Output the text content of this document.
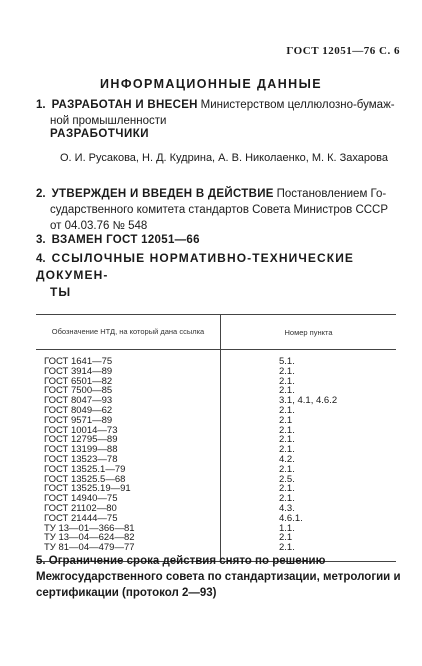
ГОСТ 12051—76 С. 6
ИНФОРМАЦИОННЫЕ ДАННЫЕ
1. РАЗРАБОТАН И ВНЕСЕН Министерством целлюлозно-бумаж-
ной промышленности
РАЗРАБОТЧИКИ
О. И. Русакова, Н. Д. Кудрина, А. В. Николаенко, М. К. Захарова
2. УТВЕРЖДЕН И ВВЕДЕН В ДЕЙСТВИЕ Постановлением Го-
сударственного комитета стандартов Совета Министров СССР
от 04.03.76 № 548
3. ВЗАМЕН ГОСТ 12051—66
4. ССЫЛОЧНЫЕ НОРМАТИВНО-ТЕХНИЧЕСКИЕ ДОКУМЕН-
ТЫ
Обозначение НТД, на который дана ссылка	Номер пункта
ГОСТ 1641—75	5.1.
ГОСТ 3914—89	2.1.
ГОСТ 6501—82	2.1.
ГОСТ 7500—85	2.1.
ГОСТ 8047—93	3.1, 4.1, 4.6.2
ГОСТ 8049—62	2.1.
ГОСТ 9571—89	2.1
ГОСТ 10014—73	2.1.
ГОСТ 12795—89	2.1.
ГОСТ 13199—88	2.1.
ГОСТ 13523—78	4.2.
ГОСТ 13525.1—79	2.1.
ГОСТ 13525.5—68	2.5.
ГОСТ 13525.19—91	2.1.
ГОСТ 14940—75	2.1.
ГОСТ 21102—80	4.3.
ГОСТ 21444—75	4.6.1.
ТУ 13—01—366—81	1.1.
ТУ 13—04—624—82	2.1
ТУ 81—04—479—77	2.1.
5. Ограничение срока действия снято по решению Межгосударственного совета по стандартизации, метрологии и сертификации (протокол 2—93)
